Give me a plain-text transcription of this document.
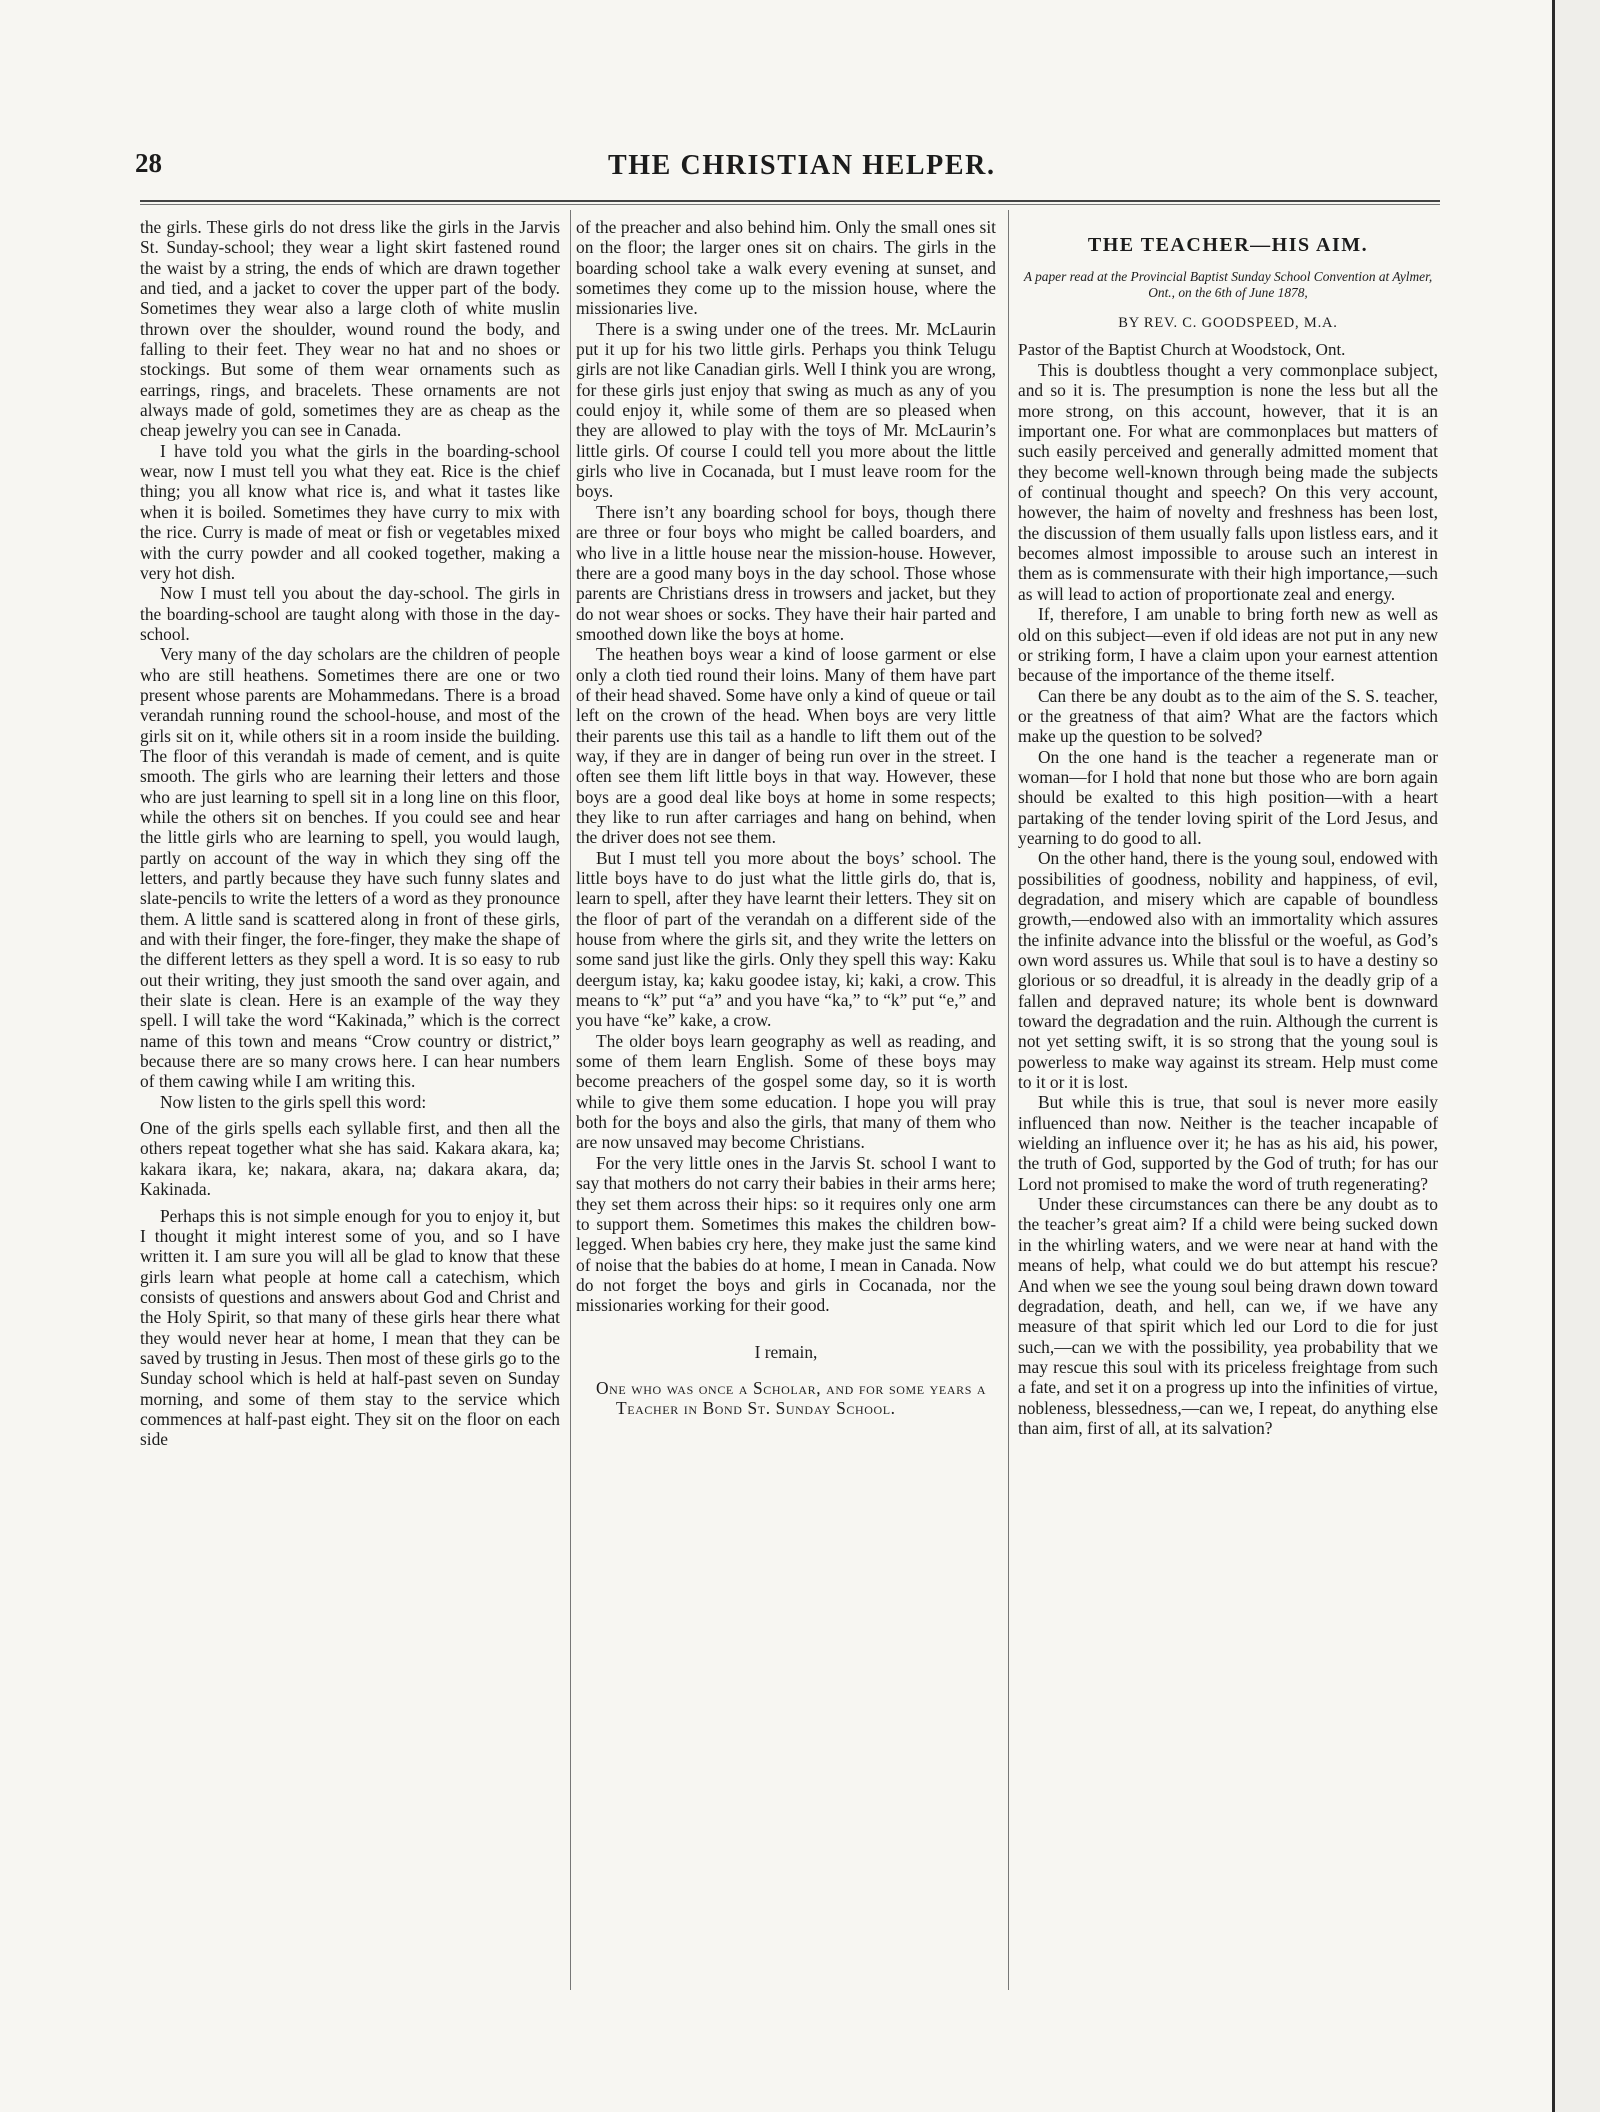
28	THE CHRISTIAN HELPER.

the girls. These girls do not dress like the girls in the Jarvis St. Sunday-school; they wear a light skirt fastened round the waist by a string, the ends of which are drawn together and tied, and a jacket to cover the upper part of the body. Sometimes they wear also a large cloth of white muslin thrown over the shoulder, wound round the body, and falling to their feet. They wear no hat and no shoes or stockings. But some of them wear ornaments such as earrings, rings, and bracelets. These ornaments are not always made of gold, sometimes they are as cheap as the cheap jewelry you can see in Canada.

I have told you what the girls in the boarding-school wear, now I must tell you what they eat. Rice is the chief thing; you all know what rice is, and what it tastes like when it is boiled. Sometimes they have curry to mix with the rice. Curry is made of meat or fish or vegetables mixed with the curry powder and all cooked together, making a very hot dish.

Now I must tell you about the day-school. The girls in the boarding-school are taught along with those in the day-school.

Very many of the day scholars are the children of people who are still heathens. Sometimes there are one or two present whose parents are Mohammedans. There is a broad verandah running round the school-house, and most of the girls sit on it, while others sit in a room inside the building. The floor of this verandah is made of cement, and is quite smooth. The girls who are learning their letters and those who are just learning to spell sit in a long line on this floor, while the others sit on benches. If you could see and hear the little girls who are learning to spell, you would laugh, partly on account of the way in which they sing off the letters, and partly because they have such funny slates and slate-pencils to write the letters of a word as they pronounce them. A little sand is scattered along in front of these girls, and with their finger, the fore-finger, they make the shape of the different letters as they spell a word. It is so easy to rub out their writing, they just smooth the sand over again, and their slate is clean. Here is an example of the way they spell. I will take the word “Kakinada,” which is the correct name of this town and means “Crow country or district,” because there are so many crows here. I can hear numbers of them cawing while I am writing this.

Now listen to the girls spell this word:

One of the girls spells each syllable first, and then all the others repeat together what she has said. Kakara akara, ka; kakara ikara, ke; nakara, akara, na; dakara akara, da; Kakinada.

Perhaps this is not simple enough for you to enjoy it, but I thought it might interest some of you, and so I have written it. I am sure you will all be glad to know that these girls learn what people at home call a catechism, which consists of questions and answers about God and Christ and the Holy Spirit, so that many of these girls hear there what they would never hear at home, I mean that they can be saved by trusting in Jesus. Then most of these girls go to the Sunday school which is held at half-past seven on Sunday morning, and some of them stay to the service which commences at half-past eight. They sit on the floor on each side

of the preacher and also behind him. Only the small ones sit on the floor; the larger ones sit on chairs. The girls in the boarding school take a walk every evening at sunset, and sometimes they come up to the mission house, where the missionaries live.

There is a swing under one of the trees. Mr. McLaurin put it up for his two little girls. Perhaps you think Telugu girls are not like Canadian girls. Well I think you are wrong, for these girls just enjoy that swing as much as any of you could enjoy it, while some of them are so pleased when they are allowed to play with the toys of Mr. McLaurin’s little girls. Of course I could tell you more about the little girls who live in Cocanada, but I must leave room for the boys.

There isn’t any boarding school for boys, though there are three or four boys who might be called boarders, and who live in a little house near the mission-house. However, there are a good many boys in the day school. Those whose parents are Christians dress in trowsers and jacket, but they do not wear shoes or socks. They have their hair parted and smoothed down like the boys at home.

The heathen boys wear a kind of loose garment or else only a cloth tied round their loins. Many of them have part of their head shaved. Some have only a kind of queue or tail left on the crown of the head. When boys are very little their parents use this tail as a handle to lift them out of the way, if they are in danger of being run over in the street. I often see them lift little boys in that way. However, these boys are a good deal like boys at home in some respects; they like to run after carriages and hang on behind, when the driver does not see them.

But I must tell you more about the boys’ school. The little boys have to do just what the little girls do, that is, learn to spell, after they have learnt their letters. They sit on the floor of part of the verandah on a different side of the house from where the girls sit, and they write the letters on some sand just like the girls. Only they spell this way: Kaku deergum istay, ka; kaku goodee istay, ki; kaki, a crow. This means to “k” put “a” and you have “ka,” to “k” put “e,” and you have “ke” kake, a crow.

The older boys learn geography as well as reading, and some of them learn English. Some of these boys may become preachers of the gospel some day, so it is worth while to give them some education. I hope you will pray both for the boys and also the girls, that many of them who are now unsaved may become Christians.

For the very little ones in the Jarvis St. school I want to say that mothers do not carry their babies in their arms here; they set them across their hips: so it requires only one arm to support them. Sometimes this makes the children bow-legged. When babies cry here, they make just the same kind of noise that the babies do at home, I mean in Canada. Now do not forget the boys and girls in Cocanada, nor the missionaries working for their good.

I remain,

One who was once a Scholar, and for some years a Teacher in Bond St. Sunday School.

THE TEACHER—HIS AIM.
A paper read at the Provincial Baptist Sunday School Convention at Aylmer, Ont., on the 6th of June 1878,
BY REV. C. GOODSPEED, M.A.

Pastor of the Baptist Church at Woodstock, Ont.

This is doubtless thought a very commonplace subject, and so it is. The presumption is none the less but all the more strong, on this account, however, that it is an important one. For what are commonplaces but matters of such easily perceived and generally admitted moment that they become well-known through being made the subjects of continual thought and speech? On this very account, however, the haim of novelty and freshness has been lost, the discussion of them usually falls upon listless ears, and it becomes almost impossible to arouse such an interest in them as is commensurate with their high importance,—such as will lead to action of proportionate zeal and energy.

If, therefore, I am unable to bring forth new as well as old on this subject—even if old ideas are not put in any new or striking form, I have a claim upon your earnest attention because of the importance of the theme itself.

Can there be any doubt as to the aim of the S. S. teacher, or the greatness of that aim? What are the factors which make up the question to be solved?

On the one hand is the teacher a regenerate man or woman—for I hold that none but those who are born again should be exalted to this high position—with a heart partaking of the tender loving spirit of the Lord Jesus, and yearning to do good to all.

On the other hand, there is the young soul, endowed with possibilities of goodness, nobility and happiness, of evil, degradation, and misery which are capable of boundless growth,—endowed also with an immortality which assures the infinite advance into the blissful or the woeful, as God’s own word assures us. While that soul is to have a destiny so glorious or so dreadful, it is already in the deadly grip of a fallen and depraved nature; its whole bent is downward toward the degradation and the ruin. Although the current is not yet setting swift, it is so strong that the young soul is powerless to make way against its stream. Help must come to it or it is lost.

But while this is true, that soul is never more easily influenced than now. Neither is the teacher incapable of wielding an influence over it; he has as his aid, his power, the truth of God, supported by the God of truth; for has our Lord not promised to make the word of truth regenerating?

Under these circumstances can there be any doubt as to the teacher’s great aim? If a child were being sucked down in the whirling waters, and we were near at hand with the means of help, what could we do but attempt his rescue? And when we see the young soul being drawn down toward degradation, death, and hell, can we, if we have any measure of that spirit which led our Lord to die for just such,—can we with the possibility, yea probability that we may rescue this soul with its priceless freightage from such a fate, and set it on a progress up into the infinities of virtue, nobleness, blessedness,—can we, I repeat, do anything else than aim, first of all, at its salvation?
